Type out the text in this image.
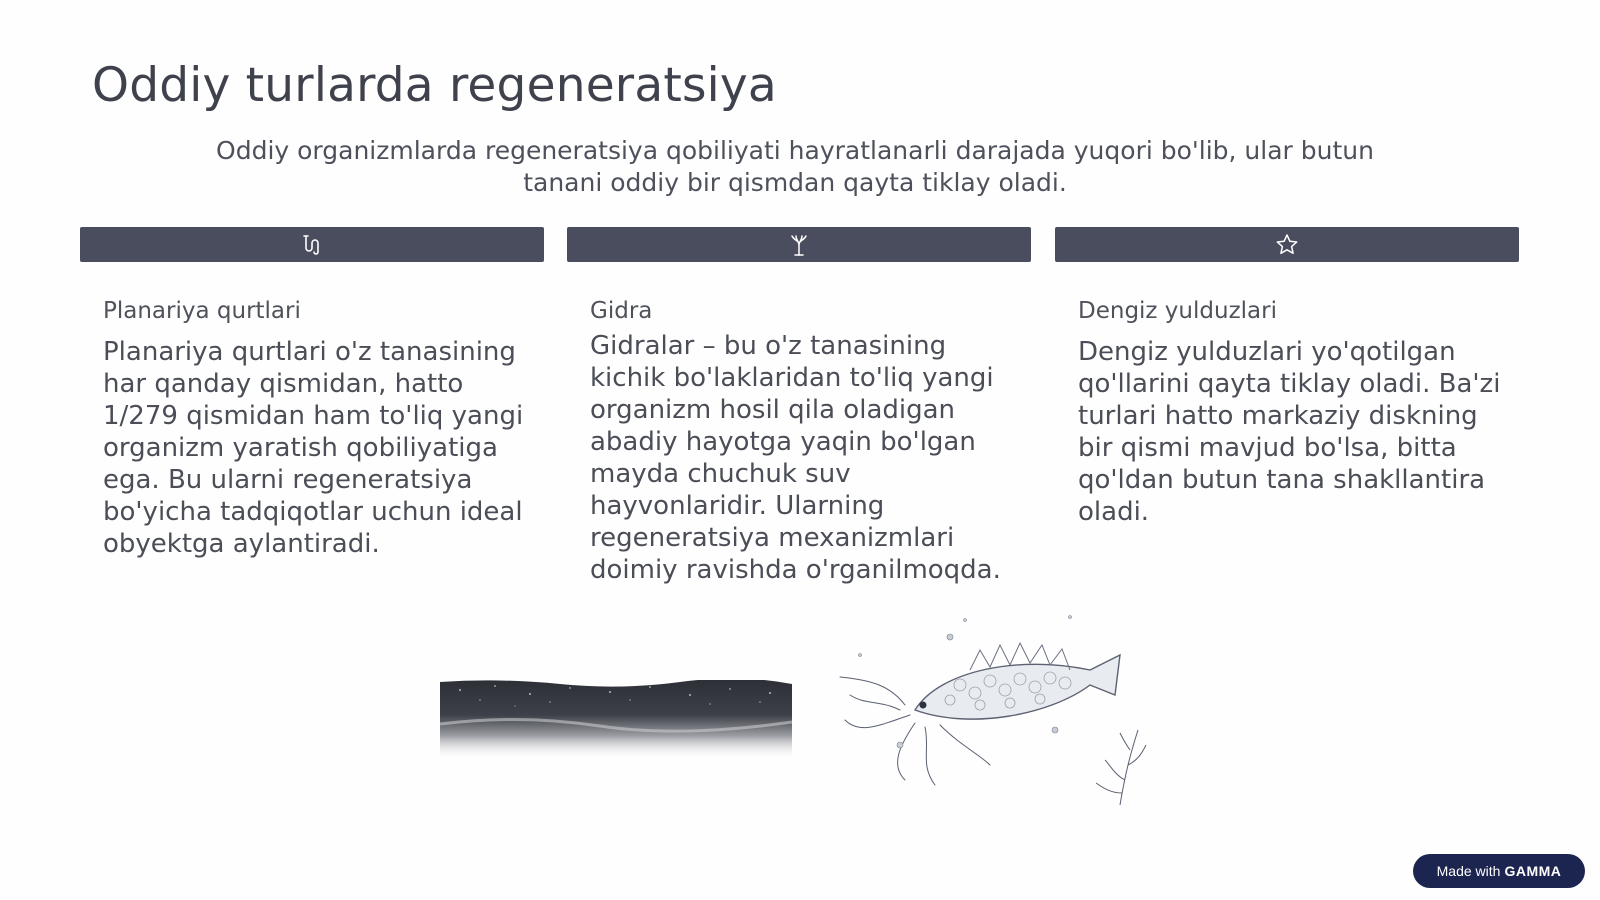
Oddiy turlarda regeneratsiya

Oddiy organizmlarda regeneratsiya qobiliyati hayratlanarli darajada yuqori bo'lib, ular butun tanani oddiy bir qismdan qayta tiklay oladi.

Planariya qurtlari
Planariya qurtlari o'z tanasining har qanday qismidan, hatto 1/279 qismidan ham to'liq yangi organizm yaratish qobiliyatiga ega. Bu ularni regeneratsiya bo'yicha tadqiqotlar uchun ideal obyektga aylantiradi.
Gidra
Gidralar – bu o'z tanasining kichik bo'laklaridan to'liq yangi organizm hosil qila oladigan abadiy hayotga yaqin bo'lgan mayda chuchuk suv hayvonlaridir. Ularning regeneratsiya mexanizmlari doimiy ravishda o'rganilmoqda.
Dengiz yulduzlari
Dengiz yulduzlari yo'qotilgan qo'llarini qayta tiklay oladi. Ba'zi turlari hatto markaziy diskning bir qismi mavjud bo'lsa, bitta qo'ldan butun tana shakllantira oladi.
Made with GAMMA
